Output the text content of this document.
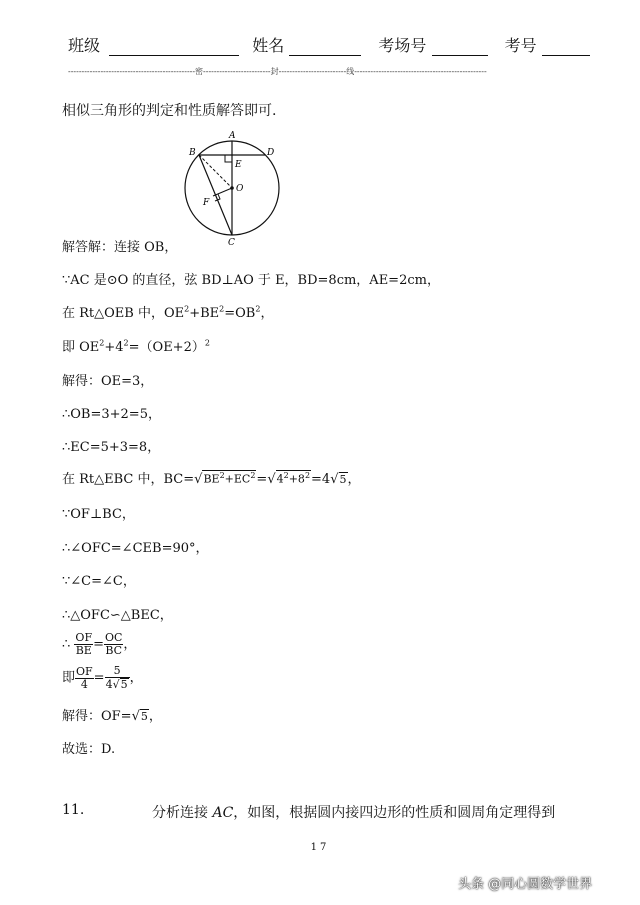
班级	姓名	考场号	考号
-----------------------------------------------密-------------------------封-------------------------线-------------------------------------------------
相似三角形的判定和性质解答即可.
A
B	D
E
O
F
C
解答解：连接 OB，
∵AC 是⊙O 的直径，弦 BD⊥AO 于 E，BD=8cm，AE=2cm，
在 Rt△OEB 中，$OE^2+BE^2=OB^2$，
即 $OE^2+4^2=(OE+2)^2$
解得：OE=3，
∴OB=3+2=5，
∴EC=5+3=8，
在 Rt△EBC 中，$BC=√BE^2+EC^2=√4^2+8^2=4√5$，
∵OF⊥BC，
∴∠OFC=∠CEB=90°，
∵∠C=∠C，
∴△OFC∽△BEC，
∴ $\frac{OF}{BE} = \frac{OC}{BC}$ ，
即 $\frac{OF}{4} = \frac{5}{4√5}$ ，
解得：OF=√5，
故选：D.
11.	分析连接 AC，如图，根据圆内接四边形的性质和圆周角定理得到
17
头条 @同心圆数学世界
